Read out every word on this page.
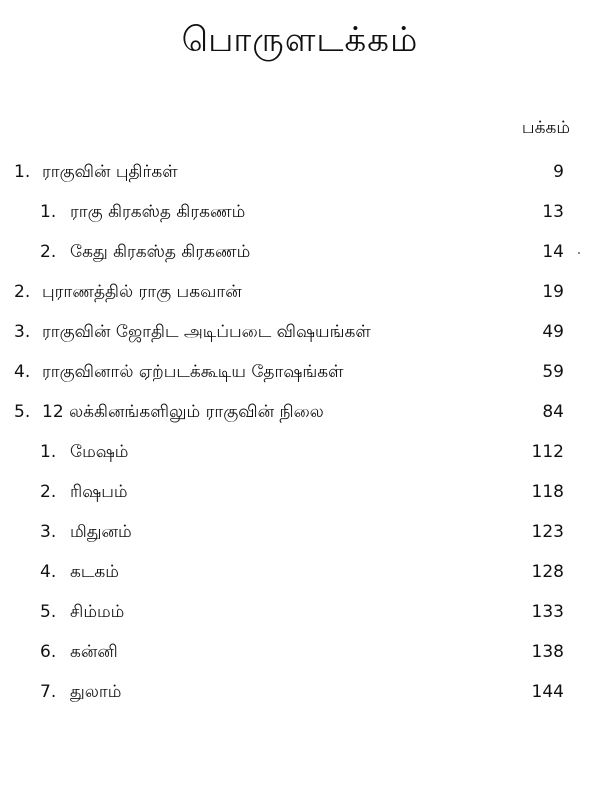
பொருளடக்கம்
பக்கம்
1. ராகுவின் புதிர்கள்	9
1. ராகு கிரகஸ்த கிரகணம்	13
2. கேது கிரகஸ்த கிரகணம்	14
2. புராணத்தில் ராகு பகவான்	19
3. ராகுவின் ஜோதிட அடிப்படை விஷயங்கள்	49
4. ராகுவினால் ஏற்படக்கூடிய தோஷங்கள்	59
5. 12 லக்கினங்களிலும் ராகுவின் நிலை	84
1. மேஷம்	112
2. ரிஷபம்	118
3. மிதுனம்	123
4. கடகம்	128
5. சிம்மம்	133
6. கன்னி	138
7. துலாம்	144
